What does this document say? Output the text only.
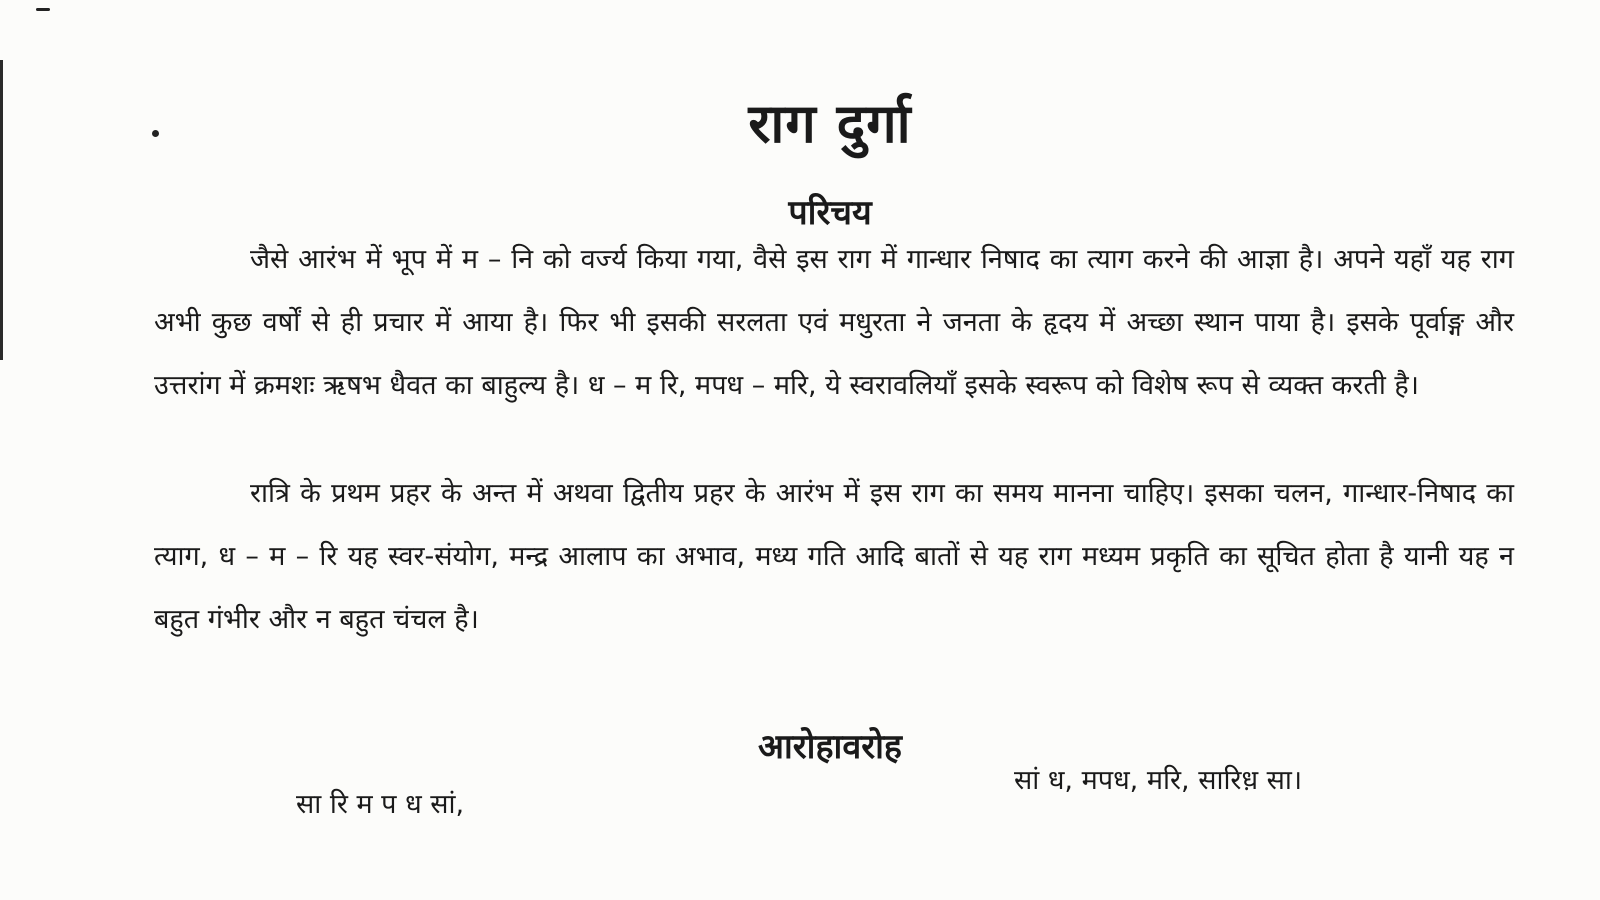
राग दुर्गा
परिचय

जैसे आरंभ में भूप में म – नि को वर्ज्य किया गया, वैसे इस राग में गान्धार निषाद का त्याग करने की आज्ञा है। अपने यहाँ यह राग अभी कुछ वर्षों से ही प्रचार में आया है। फिर भी इसकी सरलता एवं मधुरता ने जनता के हृदय में अच्छा स्थान पाया है। इसके पूर्वाङ्ग और उत्तरांग में क्रमशः ऋषभ धैवत का बाहुल्य है। ध – म रि, मपध – मरि, ये स्वरावलियाँ इसके स्वरूप को विशेष रूप से व्यक्त करती है।

रात्रि के प्रथम प्रहर के अन्त में अथवा द्वितीय प्रहर के आरंभ में इस राग का समय मानना चाहिए। इसका चलन, गान्धार-निषाद का त्याग, ध – म – रि यह स्वर-संयोग, मन्द्र आलाप का अभाव, मध्य गति आदि बातों से यह राग मध्यम प्रकृति का सूचित होता है यानी यह न बहुत गंभीर और न बहुत चंचल है।

आरोहावरोह
सा रि म प ध सां,
सां ध, मपध, मरि, सारिध़ सा।
